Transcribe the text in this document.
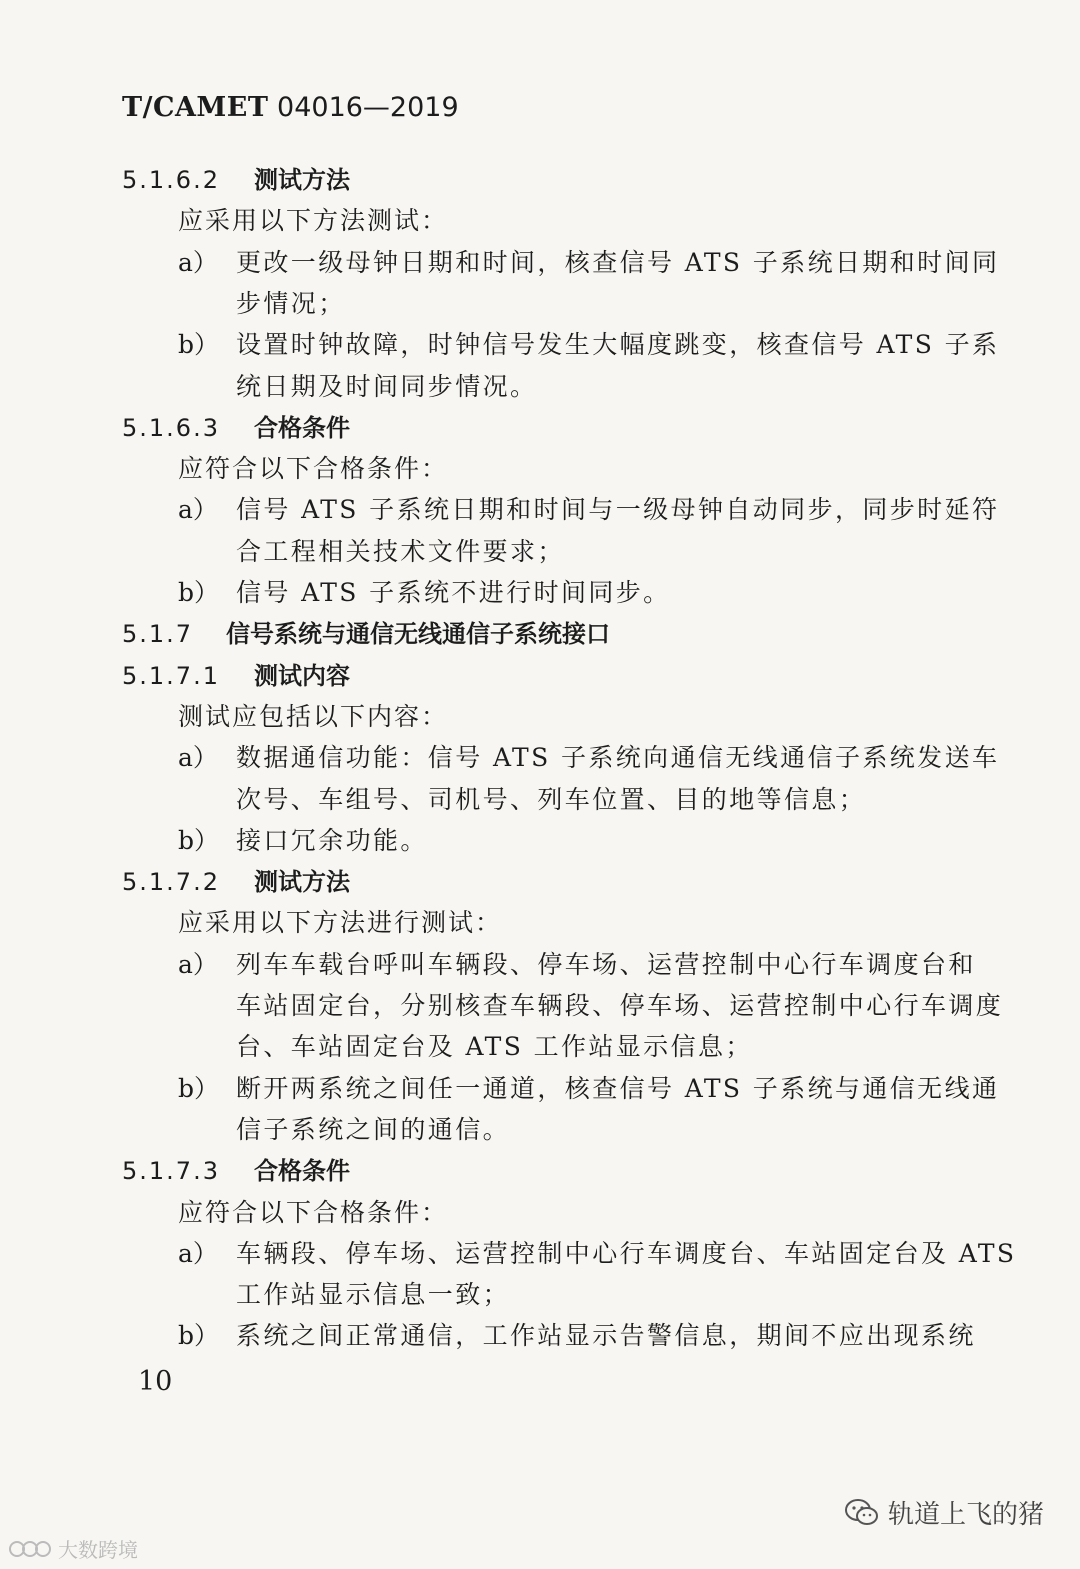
T/CAMET 04016—2019
5.1.6.2 测试方法
应采用以下方法测试：
a） 更改一级母钟日期和时间，核查信号 ATS 子系统日期和时间同
步情况；
b） 设置时钟故障，时钟信号发生大幅度跳变，核查信号 ATS 子系
统日期及时间同步情况。
5.1.6.3 合格条件
应符合以下合格条件：
a） 信号 ATS 子系统日期和时间与一级母钟自动同步，同步时延符
合工程相关技术文件要求；
b） 信号 ATS 子系统不进行时间同步。
5.1.7 信号系统与通信无线通信子系统接口
5.1.7.1 测试内容
测试应包括以下内容：
a） 数据通信功能：信号 ATS 子系统向通信无线通信子系统发送车
次号、车组号、司机号、列车位置、目的地等信息；
b） 接口冗余功能。
5.1.7.2 测试方法
应采用以下方法进行测试：
a） 列车车载台呼叫车辆段、停车场、运营控制中心行车调度台和
车站固定台，分别核查车辆段、停车场、运营控制中心行车调度
台、车站固定台及 ATS 工作站显示信息；
b） 断开两系统之间任一通道，核查信号 ATS 子系统与通信无线通
信子系统之间的通信。
5.1.7.3 合格条件
应符合以下合格条件：
a） 车辆段、停车场、运营控制中心行车调度台、车站固定台及 ATS
工作站显示信息一致；
b） 系统之间正常通信，工作站显示告警信息，期间不应出现系统
10
轨道上飞的猪
大数跨境
